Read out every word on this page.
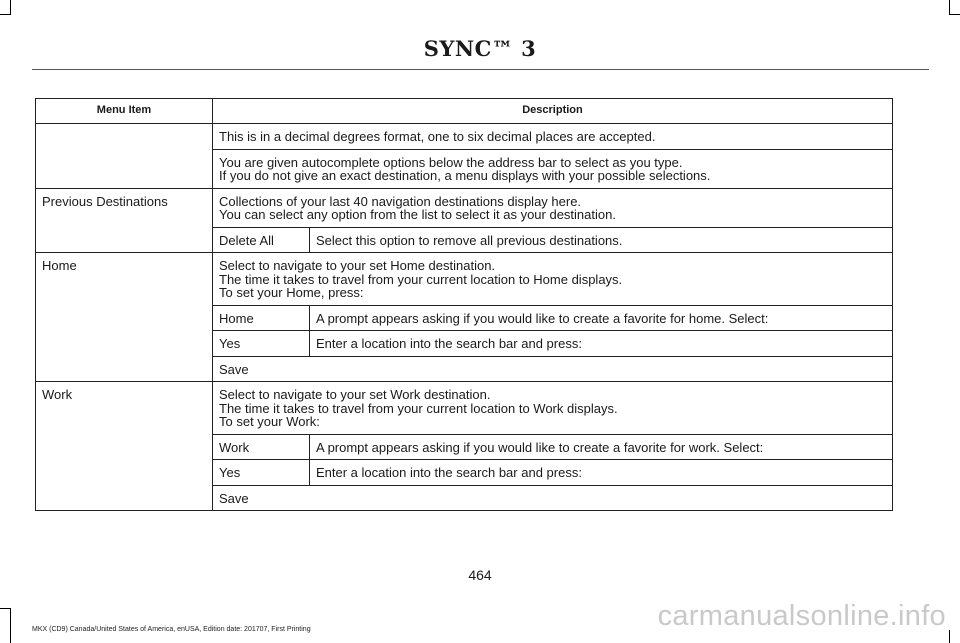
SYNC™ 3
Menu Item	Description	

	This is in a decimal degrees format, one to six decimal places are accepted.	

	You are given autocomplete options below the address bar to select as you type.
If you do not give an exact destination, a menu displays with your possible selections.	

Previous Destinations	Collections of your last 40 navigation destinations display here.
You can select any option from the list to select it as your destination.	

	Delete All	Select this option to remove all previous destinations.
Home	Select to navigate to your set Home destination.
The time it takes to travel from your current location to Home displays.
To set your Home, press:	

	Home	A prompt appears asking if you would like to create a favorite for home. Select:
	Yes	Enter a location into the search bar and press:
	Save	
Work	Select to navigate to your set Work destination.
The time it takes to travel from your current location to Work displays.
To set your Work:	

	Work	A prompt appears asking if you would like to create a favorite for work. Select:
	Yes	Enter a location into the search bar and press:
	Save	
464
MKX (CD9) Canada/United States of America, enUSA, Edition date: 201707, First Printing	carmanualsonline.info
